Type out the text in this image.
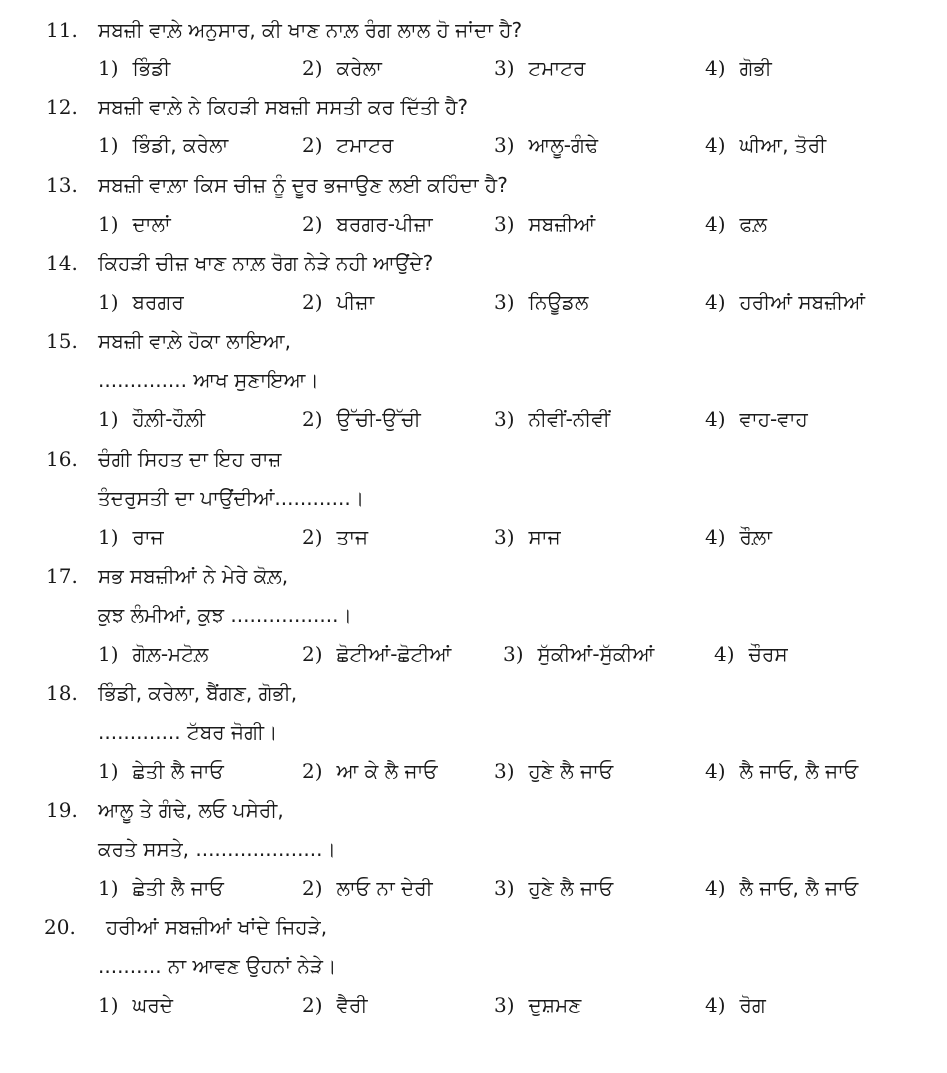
11. ਸਬਜ਼ੀ ਵਾਲ਼ੇ ਅਨੁਸਾਰ, ਕੀ ਖਾਣ ਨਾਲ਼ ਰੰਗ ਲਾਲ ਹੋ ਜਾਂਦਾ ਹੈ?
1) ਭਿੰਡੀ	2) ਕਰੇਲਾ	3) ਟਮਾਟਰ	4) ਗੋਭੀ
12. ਸਬਜ਼ੀ ਵਾਲ਼ੇ ਨੇ ਕਿਹੜੀ ਸਬਜ਼ੀ ਸਸਤੀ ਕਰ ਦਿੱਤੀ ਹੈ?
1) ਭਿੰਡੀ, ਕਰੇਲਾ	2) ਟਮਾਟਰ	3) ਆਲੂ-ਗੰਢੇ	4) ਘੀਆ, ਤੋਰੀ
13. ਸਬਜ਼ੀ ਵਾਲ਼ਾ ਕਿਸ ਚੀਜ਼ ਨੂੰ ਦੂਰ ਭਜਾਉਣ ਲਈ ਕਹਿੰਦਾ ਹੈ?
1) ਦਾਲਾਂ	2) ਬਰਗਰ-ਪੀਜ਼ਾ	3) ਸਬਜ਼ੀਆਂ	4) ਫਲ਼
14. ਕਿਹੜੀ ਚੀਜ਼ ਖਾਣ ਨਾਲ਼ ਰੋਗ ਨੇੜੇ ਨਹੀ ਆਉਂਦੇ?
1) ਬਰਗਰ	2) ਪੀਜ਼ਾ	3) ਨਿਊਡਲ	4) ਹਰੀਆਂ ਸਬਜ਼ੀਆਂ
15. ਸਬਜ਼ੀ ਵਾਲ਼ੇ ਹੋਕਾ ਲਾਇਆ,
.............. ਆਖ ਸੁਣਾਇਆ।
1) ਹੌਲ਼ੀ-ਹੌਲ਼ੀ	2) ਉੱਚੀ-ਉੱਚੀ	3) ਨੀਵੀਂ-ਨੀਵੀਂ	4) ਵਾਹ-ਵਾਹ
16. ਚੰਗੀ ਸਿਹਤ ਦਾ ਇਹ ਰਾਜ਼
ਤੰਦਰੁਸਤੀ ਦਾ ਪਾਉਂਦੀਆਂ............।
1) ਰਾਜ	2) ਤਾਜ	3) ਸਾਜ	4) ਰੌਲ਼ਾ
17. ਸਭ ਸਬਜ਼ੀਆਂ ਨੇ ਮੇਰੇ ਕੋਲ਼,
ਕੁਝ ਲੰਮੀਆਂ, ਕੁਝ .................।
1) ਗੋਲ਼-ਮਟੋਲ਼	2) ਛੋਟੀਆਂ-ਛੋਟੀਆਂ	3) ਸੁੱਕੀਆਂ-ਸੁੱਕੀਆਂ	4) ਚੌਰਸ
18. ਭਿੰਡੀ, ਕਰੇਲਾ, ਬੈਂਗਣ, ਗੋਭੀ,
............. ਟੱਬਰ ਜੋਗੀ।
1) ਛੇਤੀ ਲੈ ਜਾਓ	2) ਆ ਕੇ ਲੈ ਜਾਓ	3) ਹੁਣੇ ਲੈ ਜਾਓ	4) ਲੈ ਜਾਓ, ਲੈ ਜਾਓ
19. ਆਲੂ ਤੇ ਗੰਢੇ, ਲਓ ਪਸੇਰੀ,
ਕਰਤੇ ਸਸਤੇ, ....................।
1) ਛੇਤੀ ਲੈ ਜਾਓ	2) ਲਾਓ ਨਾ ਦੇਰੀ	3) ਹੁਣੇ ਲੈ ਜਾਓ	4) ਲੈ ਜਾਓ, ਲੈ ਜਾਓ
20. ਹਰੀਆਂ ਸਬਜ਼ੀਆਂ ਖਾਂਦੇ ਜਿਹੜੇ,
.......... ਨਾ ਆਵਣ ਉਹਨਾਂ ਨੇੜੇ।
1) ਘਰਦੇ	2) ਵੈਰੀ	3) ਦੁਸ਼ਮਣ	4) ਰੋਗ
